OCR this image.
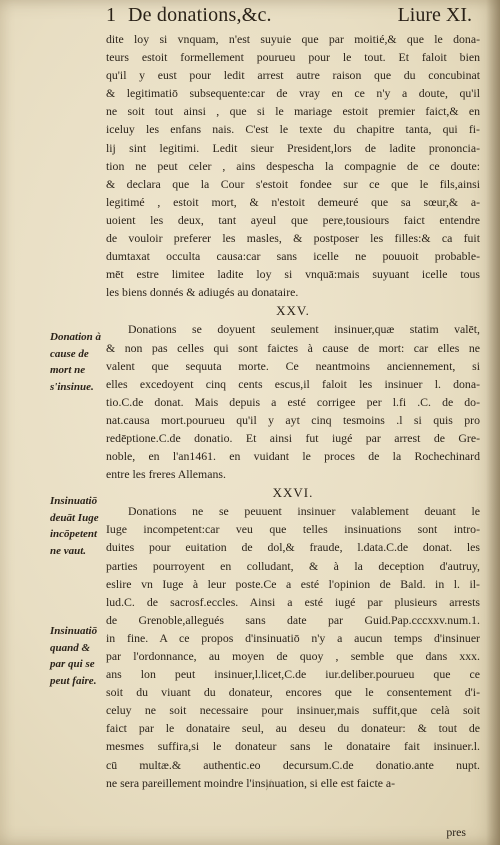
1 De donations,&c.	Liure XI.
dite loy si vnquam, n'est suyuie que par moitié,& que le dona-
teurs estoit formellement pourueu pour le tout. Et faloit bien
qu'il y eust pour ledit arrest autre raison que du concubinat
& legitimatiō subsequente:car de vray en ce n'y a doute, qu'il
ne soit tout ainsi , que si le mariage estoit premier faict,& en
iceluy les enfans nais. C'est le texte du chapitre tanta, qui fi-
lij sint legitimi. Ledit sieur President,lors de ladite prononcia-
tion ne peut celer , ains despescha la compagnie de ce doute:
& declara que la Cour s'estoit fondee sur ce que le fils,ainsi
legitimé , estoit mort, & n'estoit demeuré que sa sœur,& a-
uoient les deux, tant ayeul que pere,tousiours faict entendre
de vouloir preferer les masles, & postposer les filles:& ca fuit
dumtaxat occulta causa:car sans icelle ne pouuoit probable-
mēt estre limitee ladite loy si vnquā:mais suyuant icelle tous
les biens donnés & adiugés au donataire.
XXV.
Donations se doyuent seulement insinuer,quæ statim valēt,
& non pas celles qui sont faictes à cause de mort: car elles ne
valent que sequuta morte. Ce neantmoins anciennement, si
elles excedoyent cinq cents escus,il faloit les insinuer l. dona-
tio.C.de donat. Mais depuis a esté corrigee per l.fi .C. de do-
nat.causa mort.pourueu qu'il y ayt cinq tesmoins .l si quis pro
redēptione.C.de donatio. Et ainsi fut iugé par arrest de Gre-
noble, en l'an1461. en vuidant le proces de la Rochechinard
entre les freres Allemans.
XXVI.
Donations ne se peuuent insinuer valablement deuant le
Iuge incompetent:car veu que telles insinuations sont intro-
duites pour euitation de dol,& fraude, l.data.C.de donat. les
parties pourroyent en colludant, & à la deception d'autruy,
eslire vn Iuge à leur poste.Ce a esté l'opinion de Bald. in l. il-
lud.C. de sacrosf.eccles. Ainsi a esté iugé par plusieurs arrests
de Grenoble,allegués sans date par Guid.Pap.cccxxv.num.1.
in fine. A ce propos d'insinuatiō n'y a aucun temps d'insinuer
par l'ordonnance, au moyen de quoy , semble que dans xxx.
ans lon peut insinuer,l.licet,C.de iur.deliber.pourueu que ce
soit du viuant du donateur, encores que le consentement d'i-
celuy ne soit necessaire pour insinuer,mais suffit,que celà soit
faict par le donataire seul, au deseu du donateur: & tout de
mesmes suffira,si le donateur sans le donataire fait insinuer.l.
cū multæ.& authentic.eo decursum.C.de donatio.ante nupt.
ne sera pareillement moindre l'insinuation, si elle est faicte a-
Donation à cause de mort ne s'insinue.
Insinuatiō deuāt Iuge incōpetent ne vaut.
Insinuatiō quand & par qui se peut faire.
pres
